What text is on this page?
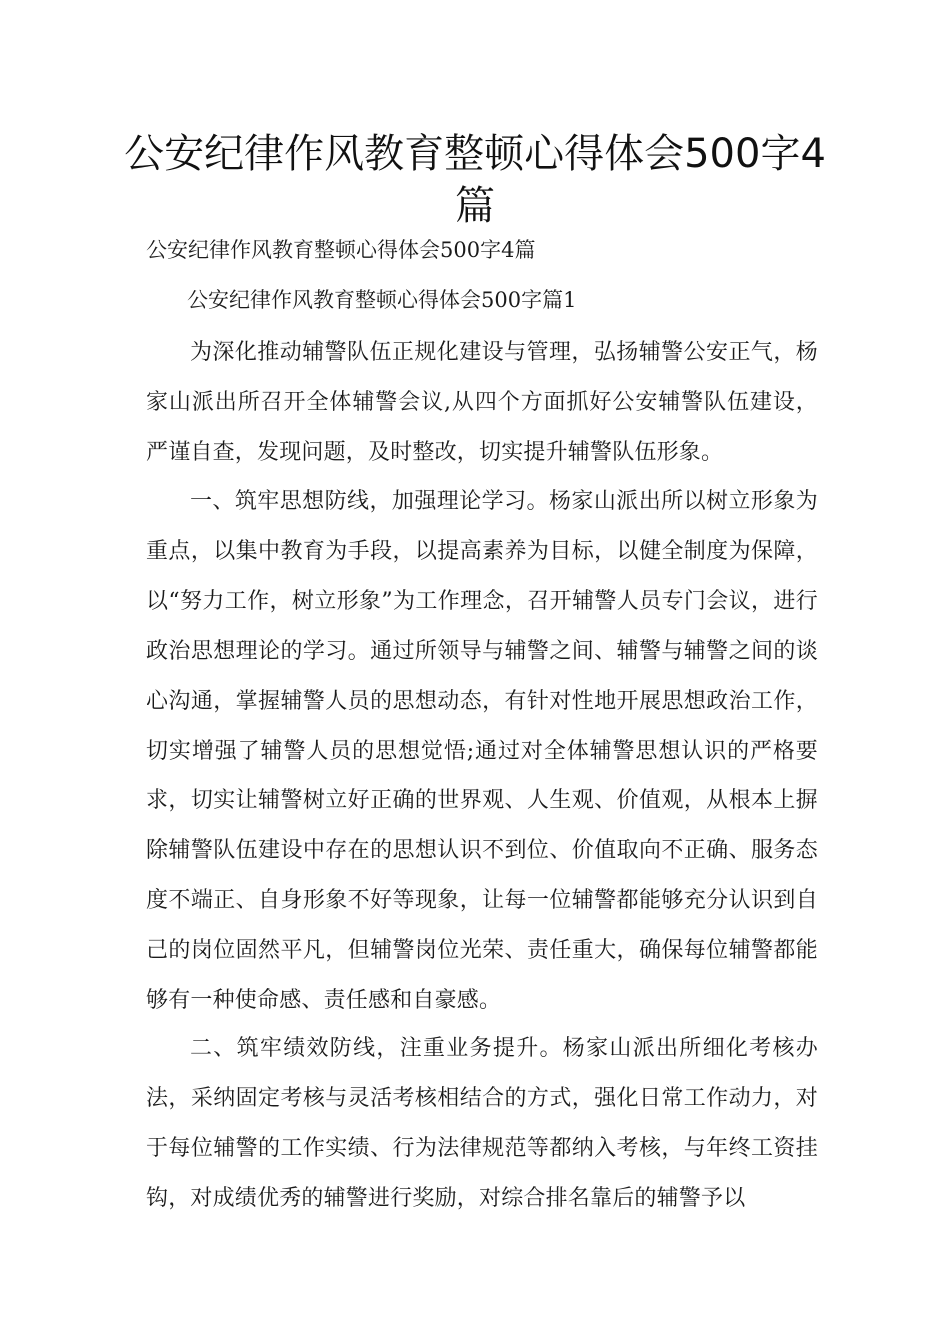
公安纪律作风教育整顿心得体会500字4篇

公安纪律作风教育整顿心得体会500字4篇

公安纪律作风教育整顿心得体会500字篇1

为深化推动辅警队伍正规化建设与管理，弘扬辅警公安正气，杨家山派出所召开全体辅警会议,从四个方面抓好公安辅警队伍建设，严谨自查，发现问题，及时整改，切实提升辅警队伍形象。

一、筑牢思想防线，加强理论学习。杨家山派出所以树立形象为重点，以集中教育为手段，以提高素养为目标，以健全制度为保障，以“努力工作，树立形象”为工作理念，召开辅警人员专门会议，进行政治思想理论的学习。通过所领导与辅警之间、辅警与辅警之间的谈心沟通，掌握辅警人员的思想动态，有针对性地开展思想政治工作，切实增强了辅警人员的思想觉悟;通过对全体辅警思想认识的严格要求，切实让辅警树立好正确的世界观、人生观、价值观，从根本上摒除辅警队伍建设中存在的思想认识不到位、价值取向不正确、服务态度不端正、自身形象不好等现象，让每一位辅警都能够充分认识到自己的岗位固然平凡，但辅警岗位光荣、责任重大，确保每位辅警都能够有一种使命感、责任感和自豪感。

二、筑牢绩效防线，注重业务提升。杨家山派出所细化考核办法，采纳固定考核与灵活考核相结合的方式，强化日常工作动力，对于每位辅警的工作实绩、行为法律规范等都纳入考核，与年终工资挂钩，对成绩优秀的辅警进行奖励，对综合排名靠后的辅警予以
